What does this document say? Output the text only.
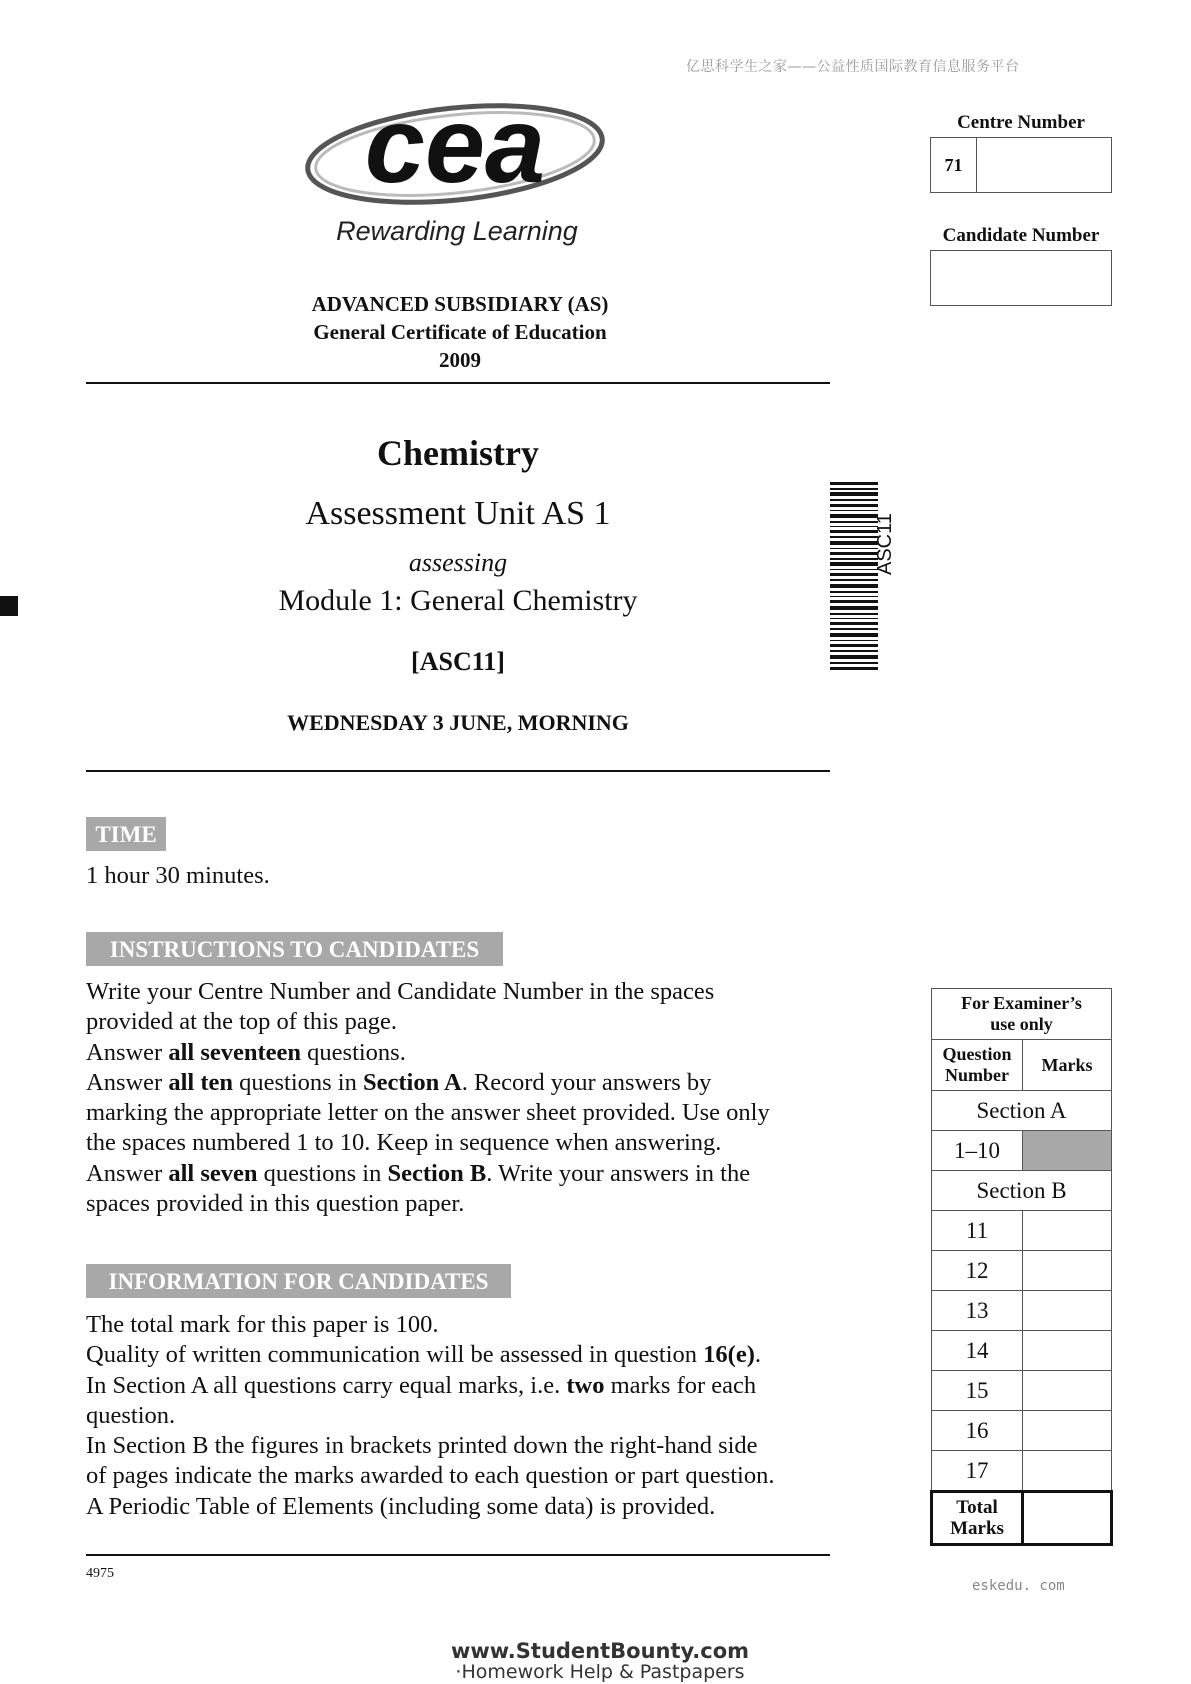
亿思科学生之家——公益性质国际教育信息服务平台
cea
Rewarding Learning
ADVANCED SUBSIDIARY (AS)
General Certificate of Education
2009
Chemistry
Assessment Unit AS 1
assessing
Module 1: General Chemistry
[ASC11]
WEDNESDAY 3 JUNE, MORNING
ASC11
TIME
1 hour 30 minutes.
INSTRUCTIONS TO CANDIDATES

Write your Centre Number and Candidate Number in the spaces

provided at the top of this page.

Answer all seventeen questions.

Answer all ten questions in Section A. Record your answers by

marking the appropriate letter on the answer sheet provided. Use only

the spaces numbered 1 to 10. Keep in sequence when answering.

Answer all seven questions in Section B. Write your answers in the

spaces provided in this question paper.

INFORMATION FOR CANDIDATES

The total mark for this paper is 100.

Quality of written communication will be assessed in question 16(e).

In Section A all questions carry equal marks, i.e. two marks for each

question.

In Section B the figures in brackets printed down the right-hand side

of pages indicate the marks awarded to each question or part question.

A Periodic Table of Elements (including some data) is provided.

4975
Centre Number
71
Candidate Number
For Examiner’s
use only	

Question
Number	Marks
Section A	
1–10	
Section B	
11	
12	
13	
14	
15	
16	
17	

Total
Marks	

eskedu. com
www.StudentBounty.com
·Homework Help & Pastpapers
